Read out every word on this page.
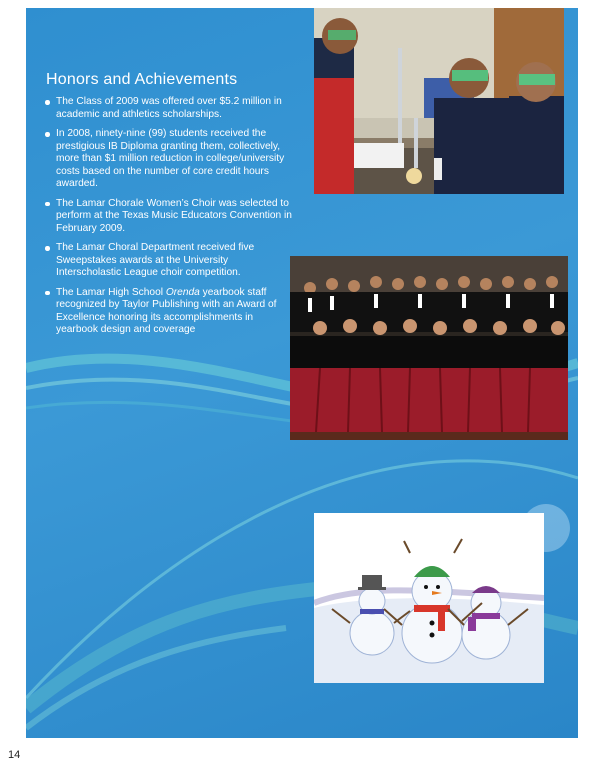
Honors and Achievements
The Class of 2009 was offered over $5.2 million in academic and athletics scholarships.
In 2008, ninety-nine (99) students received the prestigious IB Diploma granting them, collectively, more than $1 million reduction in college/university costs based on the number of core credit hours awarded.
The Lamar Chorale Women’s Choir was selected to perform at the Texas Music Educators Convention in February 2009.
The Lamar Choral Department received five Sweepstakes awards at the University Interscholastic League choir competition.
The Lamar High School Orenda yearbook staff recognized by Taylor Publishing with an Award of Excellence honoring its accomplishments in yearbook design and coverage
14
